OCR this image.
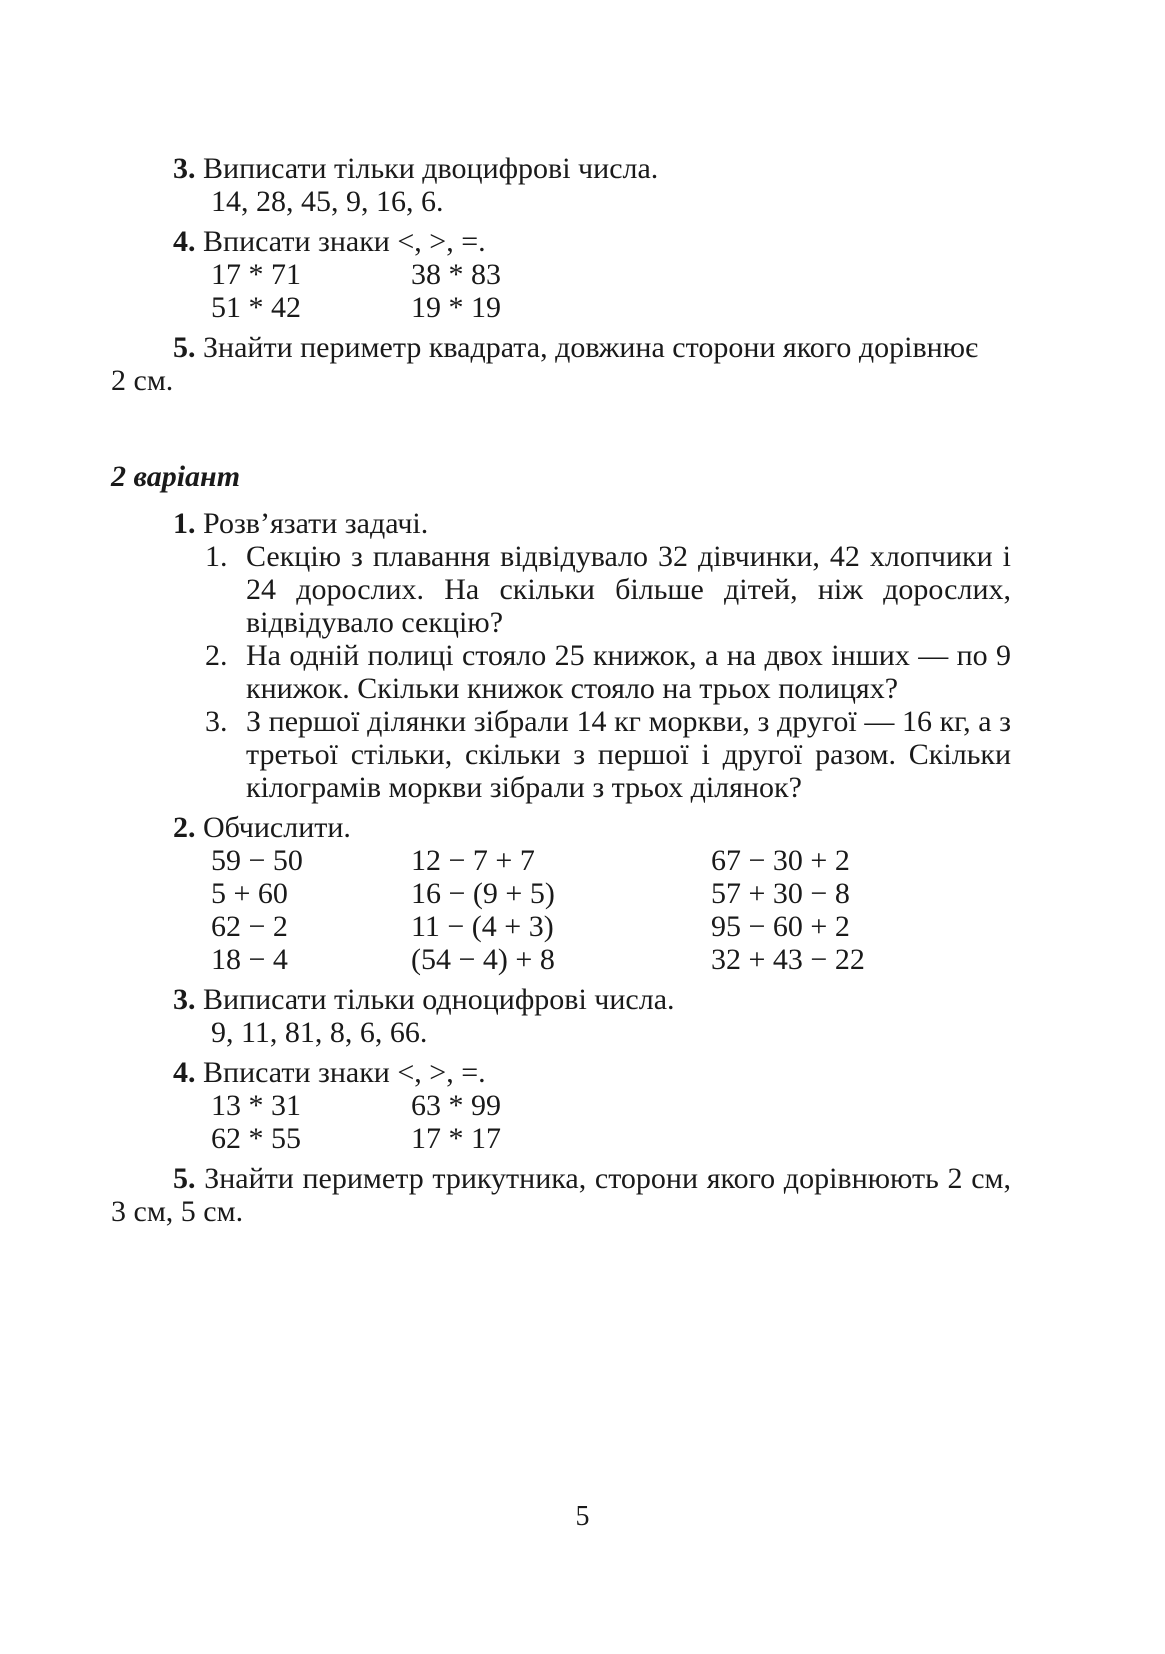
3. Виписати тільки двоцифрові числа.

14, 28, 45, 9, 16, 6.

4. Вписати знаки <, >, =.

17 * 71	38 * 83
51 * 42	19 * 19

5. Знайти периметр квадрата, довжина сторони якого дорівнює

2 см.

2 варіант

1. Розв’язати задачі.

1. Секцію з плавання відвідувало 32 дівчинки, 42 хлопчики і 24 дорослих. На скільки більше дітей, ніж дорослих, відвідувало секцію?
2. На одній полиці стояло 25 книжок, а на двох інших — по 9 книжок. Скільки книжок стояло на трьох полицях?
3. З першої ділянки зібрали 14 кг моркви, з другої — 16 кг, а з третьої стільки, скільки з першої і другої разом. Скільки кілограмів моркви зібрали з трьох ділянок?

2. Обчислити.

59 − 50	12 − 7 + 7	67 − 30 + 2
5 + 60	16 − (9 + 5)	57 + 30 − 8
62 − 2	11 − (4 + 3)	95 − 60 + 2
18 − 4	(54 − 4) + 8	32 + 43 − 22

3. Виписати тільки одноцифрові числа.

9, 11, 81, 8, 6, 66.

4. Вписати знаки <, >, =.

13 * 31	63 * 99
62 * 55	17 * 17

5. Знайти периметр трикутника, сторони якого дорівнюють 2 см, 3 см, 5 см.

5
